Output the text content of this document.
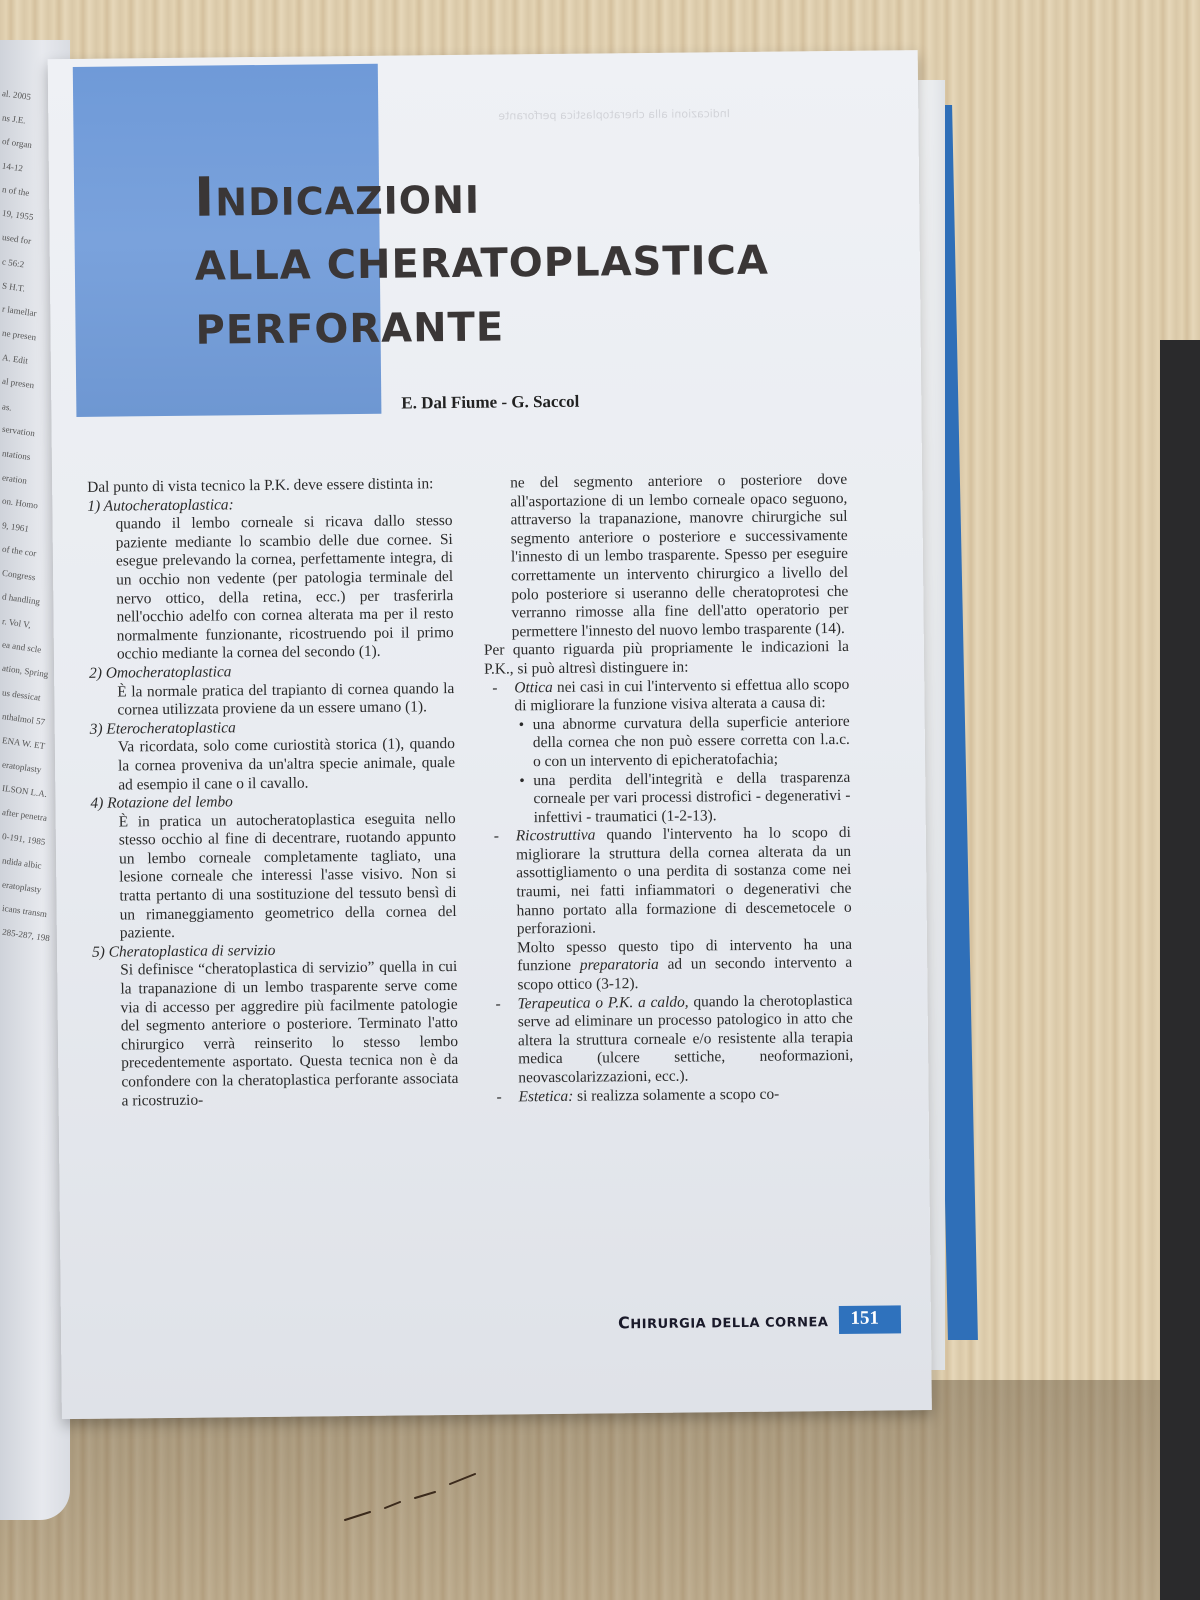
al. 2005
ns J.E.
of organ
14-12
n of the
19, 1955
used for
c 56:2
S H.T.
r lamellar
ne presen
A. Edit
al presen
as.
servation
ntations
eration
on. Homo
9, 1961
of the cor
Congress
d handling
r. Vol V,
ea and scle
ation, Spring
us dessicat
nthalmol 57
ENA W. ET
eratoplasty
ILSON L.A.
after penetra
0-191, 1985
ndida albic
eratoplasty
icans transm
285-287, 198
Indicazioni alla cheratoplastica perforante
INDICAZIONI
ALLA CHERATOPLASTICA
PERFORANTE
E. Dal Fiume - G. Saccol

Dal punto di vista tecnico la P.K. deve essere distinta in:

1) Autocheratoplastica:

quando il lembo corneale si ricava dallo stesso paziente mediante lo scambio delle due cornee. Si esegue prelevando la cornea, perfettamente integra, di un occhio non vedente (per patologia terminale del nervo ottico, della retina, ecc.) per trasferirla nell'occhio adelfo con cornea alterata ma per il resto normalmente funzionante, ricostruendo poi il primo occhio mediante la cornea del secondo (1).

2) Omocheratoplastica

È la normale pratica del trapianto di cornea quando la cornea utilizzata proviene da un essere umano (1).

3) Eterocheratoplastica

Va ricordata, solo come curiostità storica (1), quando la cornea proveniva da un'altra specie animale, quale ad esempio il cane o il cavallo.

4) Rotazione del lembo

È in pratica un autocheratoplastica eseguita nello stesso occhio al fine di decentrare, ruotando appunto un lembo corneale completamente tagliato, una lesione corneale che interessi l'asse visivo. Non si tratta pertanto di una sostituzione del tessuto bensì di un rimaneggiamento geometrico della cornea del paziente.

5) Cheratoplastica di servizio

Si definisce “cheratoplastica di servizio” quella in cui la trapanazione di un lembo trasparente serve come via di accesso per aggredire più facilmente patologie del segmento anteriore o posteriore. Terminato l'atto chirurgico verrà reinserito lo stesso lembo precedentemente asportato. Questa tecnica non è da confondere con la cheratoplastica perforante associata a ricostruzio-

ne del segmento anteriore o posteriore dove all'asportazione di un lembo corneale opaco seguono, attraverso la trapanazione, manovre chirurgiche sul segmento anteriore o posteriore e successivamente l'innesto di un lembo trasparente. Spesso per eseguire correttamente un intervento chirurgico a livello del polo posteriore si useranno delle cheratoprotesi che verranno rimosse alla fine dell'atto operatorio per permettere l'innesto del nuovo lembo trasparente (14).

Per quanto riguarda più propriamente le indicazioni la P.K., si può altresì distinguere in:

- Ottica nei casi in cui l'intervento si effettua allo scopo di migliorare la funzione visiva alterata a causa di:

• una abnorme curvatura della superficie anteriore della cornea che non può essere corretta con l.a.c. o con un intervento di epicheratofachia;

• una perdita dell'integrità e della trasparenza corneale per vari processi distrofici - degenerativi - infettivi - traumatici (1-2-13).

- Ricostruttiva quando l'intervento ha lo scopo di migliorare la struttura della cornea alterata da un assottigliamento o una perdita di sostanza come nei traumi, nei fatti infiammatori o degenerativi che hanno portato alla formazione di descemetocele o perforazioni.

Molto spesso questo tipo di intervento ha una funzione preparatoria ad un secondo intervento a scopo ottico (3-12).

- Terapeutica o P.K. a caldo, quando la cherotoplastica serve ad eliminare un processo patologico in atto che altera la struttura corneale e/o resistente alla terapia medica (ulcere settiche, neoformazioni, neovascolarizzazioni, ecc.).

- Estetica: si realizza solamente a scopo co-

CHIRURGIA DELLA CORNEA	151
